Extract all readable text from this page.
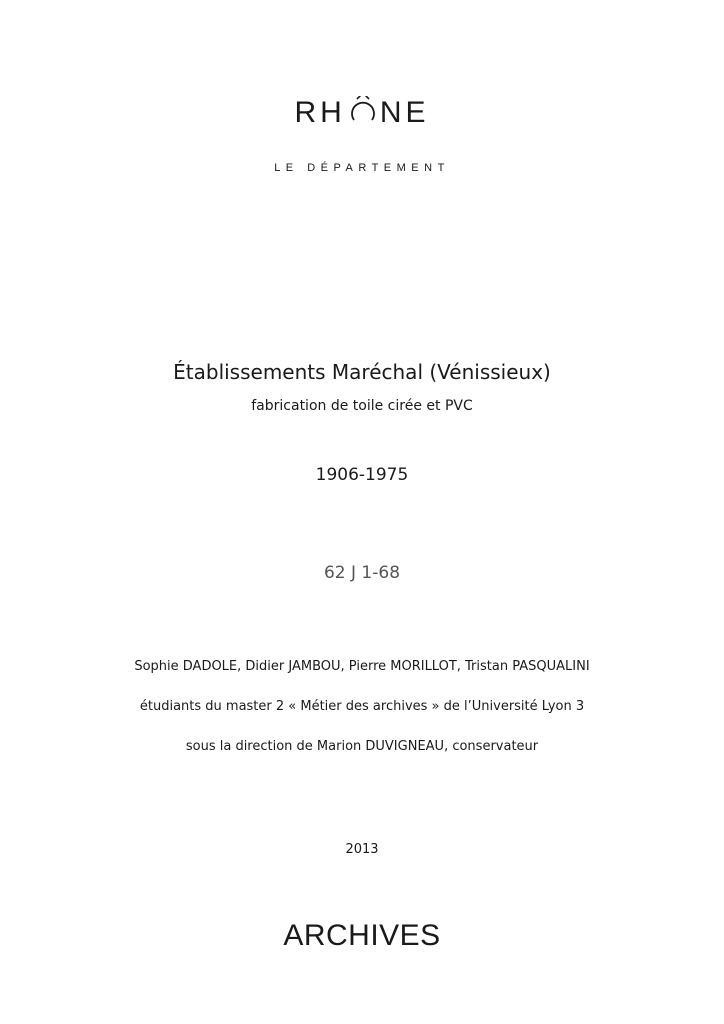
RH NE
LE DÉPARTEMENT
Établissements Maréchal (Vénissieux)
fabrication de toile cirée et PVC
1906-1975
62 J 1-68
Sophie DADOLE, Didier JAMBOU, Pierre MORILLOT, Tristan PASQUALINI
étudiants du master 2 « Métier des archives » de l’Université Lyon 3
sous la direction de Marion DUVIGNEAU, conservateur
2013
ARCHIVES
